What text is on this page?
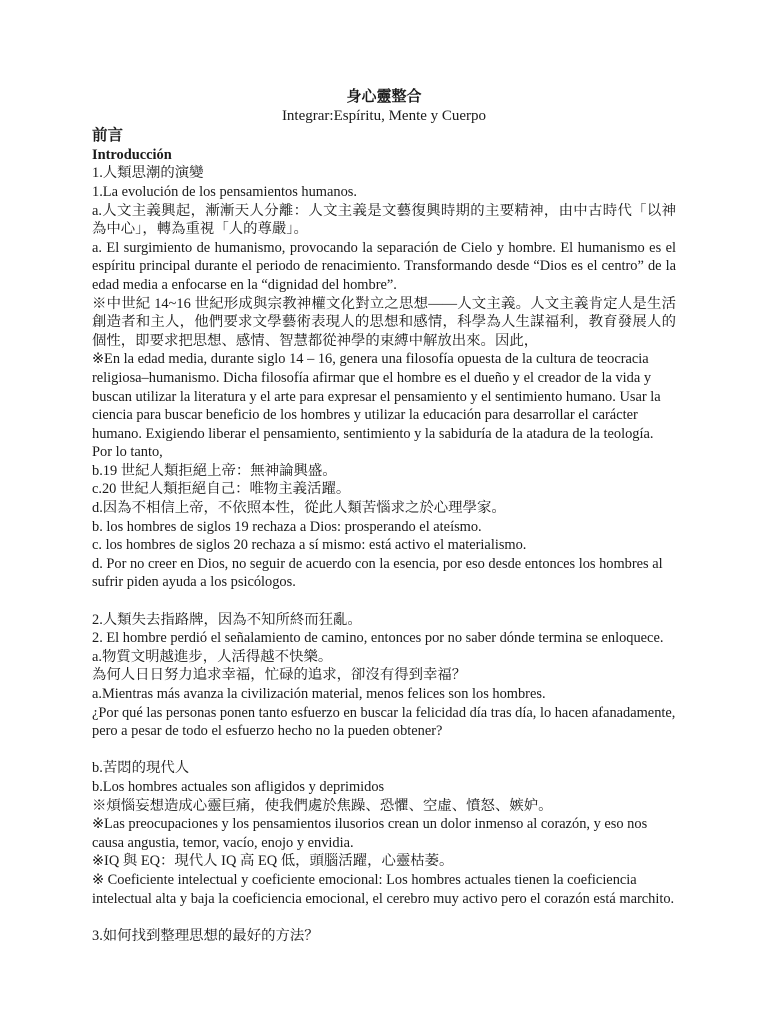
身心靈整合

Integrar:Espíritu, Mente y Cuerpo

前言

Introducción

1.人類思潮的演變

1.La evolución de los pensamientos humanos.

a.人文主義興起，漸漸天人分離：人文主義是文藝復興時期的主要精神，由中古時代「以神為中心」，轉為重視「人的尊嚴」。

a. El surgimiento de humanismo, provocando la separación de Cielo y hombre. El humanismo es el espíritu principal durante el periodo de renacimiento. Transformando desde “Dios es el centro” de la edad media a enfocarse en la “dignidad del hombre”.

※中世紀 14~16 世紀形成與宗教神權文化對立之思想——人文主義。人文主義肯定人是生活創造者和主人，他們要求文學藝術表現人的思想和感情，科學為人生謀福利，教育發展人的個性，即要求把思想、感情、智慧都從神學的束縛中解放出來。因此，

※En la edad media, durante siglo 14 – 16, genera una filosofía opuesta de la cultura de teocracia religiosa–humanismo. Dicha filosofía afirmar que el hombre es el dueño y el creador de la vida y buscan utilizar la literatura y el arte para expresar el pensamiento y el sentimiento humano. Usar la ciencia para buscar beneficio de los hombres y utilizar la educación para desarrollar el carácter humano. Exigiendo liberar el pensamiento, sentimiento y la sabiduría de la atadura de la teología. Por lo tanto,

b.19 世紀人類拒絕上帝：無神論興盛。

c.20 世紀人類拒絕自己：唯物主義活躍。

d.因為不相信上帝，不依照本性，從此人類苦惱求之於心理學家。

b. los hombres de siglos 19 rechaza a Dios: prosperando el ateísmo.

c. los hombres de siglos 20 rechaza a sí mismo: está activo el materialismo.

d. Por no creer en Dios, no seguir de acuerdo con la esencia, por eso desde entonces los hombres al sufrir piden ayuda a los psicólogos.

2.人類失去指路牌，因為不知所終而狂亂。

2. El hombre perdió el señalamiento de camino, entonces por no saber dónde termina se enloquece.

a.物質文明越進步，人活得越不快樂。

為何人日日努力追求幸福，忙碌的追求，卻沒有得到幸福？

a.Mientras más avanza la civilización material, menos felices son los hombres.

¿Por qué las personas ponen tanto esfuerzo en buscar la felicidad día tras día, lo hacen afanadamente, pero a pesar de todo el esfuerzo hecho no la pueden obtener?

b.苦悶的現代人

b.Los hombres actuales son afligidos y deprimidos

※煩惱妄想造成心靈巨痛，使我們處於焦躁、恐懼、空虛、憤怒、嫉妒。

※Las preocupaciones y los pensamientos ilusorios crean un dolor inmenso al corazón, y eso nos causa angustia, temor, vacío, enojo y envidia.

※IQ 與 EQ：現代人 IQ 高 EQ 低，頭腦活躍，心靈枯萎。

※ Coeficiente intelectual y coeficiente emocional: Los hombres actuales tienen la coeficiencia intelectual alta y baja la coeficiencia emocional, el cerebro muy activo pero el corazón está marchito.

3.如何找到整理思想的最好的方法？
